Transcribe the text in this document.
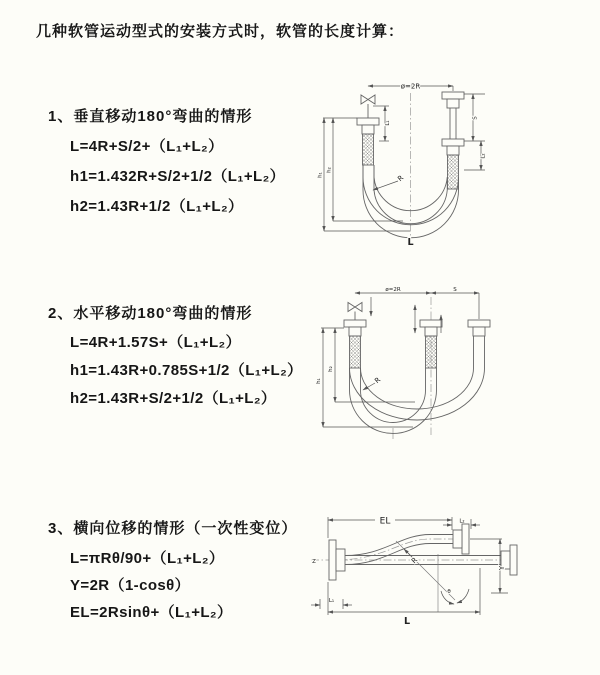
几种软管运动型式的安装方式时，软管的长度计算：
1、垂直移动180°弯曲的情形
L=4R+S/2+（L₁+L₂）
h1=1.432R+S/2+1/2（L₁+L₂）
h2=1.43R+1/2（L₁+L₂）
2、水平移动180°弯曲的情形
L=4R+1.57S+（L₁+L₂）
h1=1.43R+0.785S+1/2（L₁+L₂）
h2=1.43R+S/2+1/2（L₁+L₂）
3、横向位移的情形（一次性变位）
L=πRθ/90+（L₁+L₂）
Y=2R（1-cosθ）
EL=2Rsinθ+（L₁+L₂）
ø=2R
h₁
h₂
L₁
S
L₂
R
L
ø=2R	S
h₁
h₂
R
Z
EL	L₂
Y
R
θ
L₁
L
